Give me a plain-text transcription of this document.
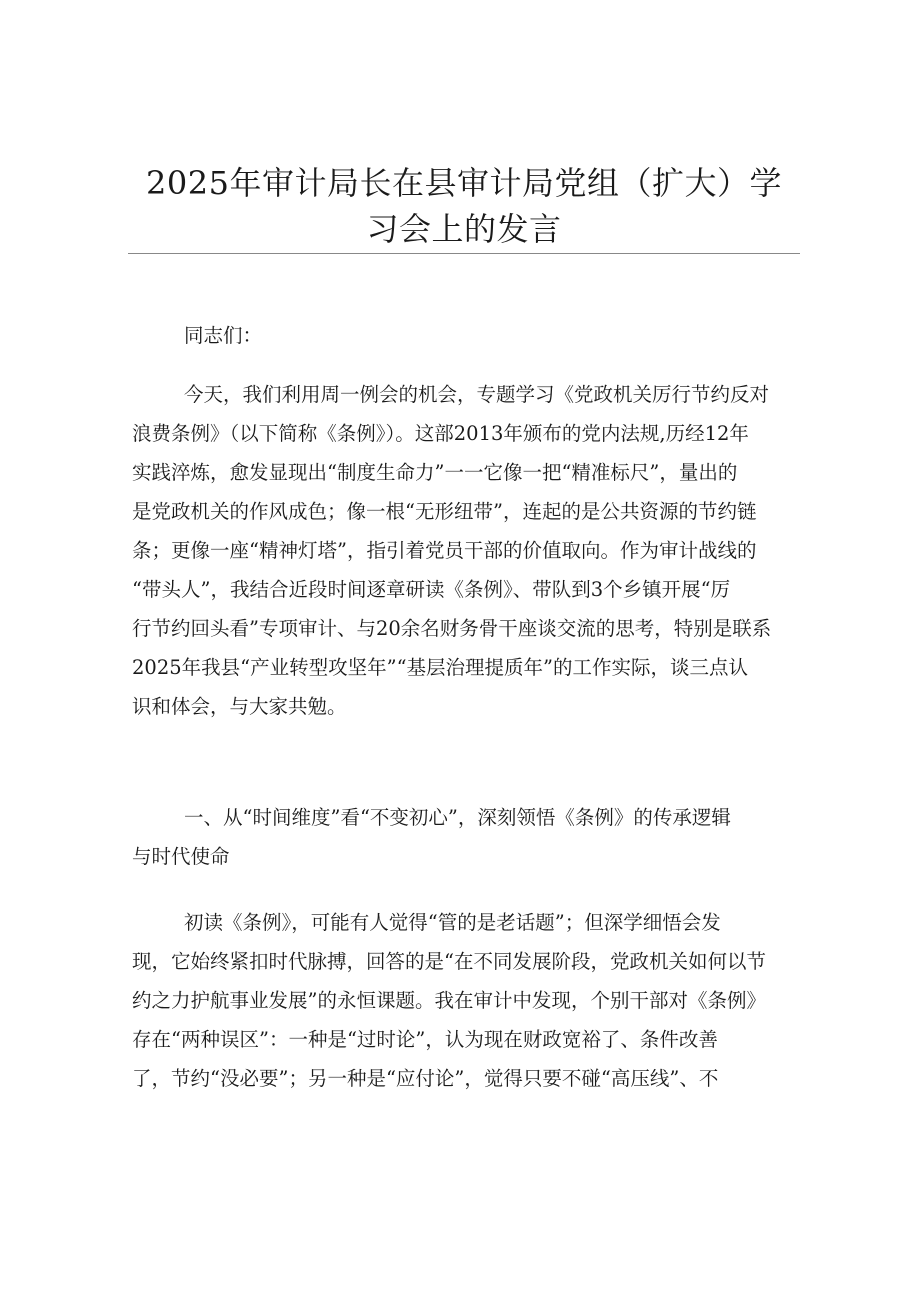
2025年审计局长在县审计局党组（扩大）学
习会上的发言
同志们：
今天，我们利用周一例会的机会，专题学习《党政机关厉行节约反对
浪费条例》（以下简称《条例》）。这部2013年颁布的党内法规,历经12年
实践淬炼，愈发显现出“制度生命力”一一它像一把“精准标尺”，量出的
是党政机关的作风成色；像一根“无形纽带”，连起的是公共资源的节约链
条；更像一座“精神灯塔”，指引着党员干部的价值取向。作为审计战线的
“带头人”，我结合近段时间逐章研读《条例》、带队到3个乡镇开展“厉
行节约回头看”专项审计、与20余名财务骨干座谈交流的思考，特别是联系
2025年我县“产业转型攻坚年”“基层治理提质年”的工作实际，谈三点认
识和体会，与大家共勉。
一、从“时间维度”看“不变初心”，深刻领悟《条例》的传承逻辑
与时代使命
初读《条例》，可能有人觉得“管的是老话题”；但深学细悟会发
现，它始终紧扣时代脉搏，回答的是“在不同发展阶段，党政机关如何以节
约之力护航事业发展”的永恒课题。我在审计中发现，个别干部对《条例》
存在“两种误区”：一种是“过时论”，认为现在财政宽裕了、条件改善
了，节约“没必要”；另一种是“应付论”，觉得只要不碰“高压线”、不
